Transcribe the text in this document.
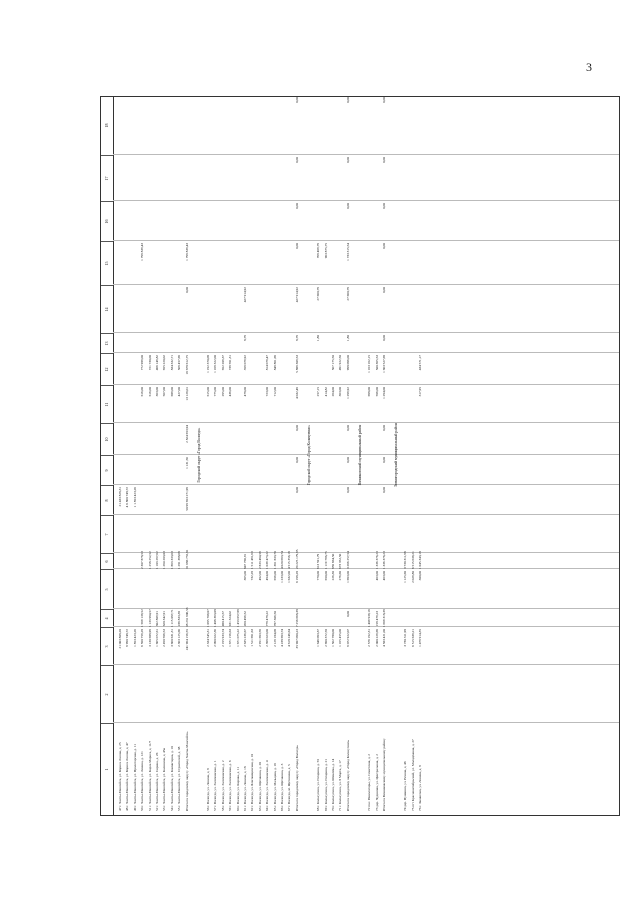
3
1
2
3
4
5
6
7
8
9
10
11
12
13
14
15
16
17
18
47 г. Ханты-Мансийск, ул. Бориса Лосева, д. 25
21 003 808,20
21 433 828,31
48 г. Ханты-Мансийск, ул. Бориса Лосева, д. 47
9 990 748,72
4 6 860 748,72
49 г. Ханты-Мансийск, ул. Пролетарская, д. 11
1 853 423,26
1 1 853 423,26
50 г. Ханты-Мансийск, ул. Ленина, д. 121
6 590 759,28
1 569 139,52
2 307 878,53
616,00
772 989,00
1 799 839,43
51 г. Ханты-Мансийск, ул. Карла Маркса, д. 11/7
3 130 688,99
1 133 994,57
1 258 252,52
616,00
721 730,00
52 г. Ханты-Мансийск, ул. Сирина, д. 26
1 665 072,61
302 809,91
1 103 297,62
363,00
466 149,82
53 г. Ханты-Мансийск, ул. Калинина, д. 45а
2 450 596,53
620 342,91
1 264 203,03
567,00
655 220,02
54 г. Ханты-Мансийск, ул. Коминтерна, д. 10
3 660 631,31
1 115 087,71
1 863 333,63
689,00
834 332,71
55 г. Ханты-Мансийск, ул. Строителей, д. 38
2 363 125,66
236 833,38
1 281 398,68
427,00
569 457,69
Итого по городскому округу «Город Ханты-Мансийск»
241 964 156,55
38 231 906,53
31 686 755,81
50 99 653 271,99
1 131,56
2 824 653,94
13 126,01
16 678 612,75
0,00
1 799 839,43
Городской округ «Город Вологда»
56 г. Вологда, ул. Ленина, д. 9
2 334 545,31
1 095 709,07
615,00
1 192 370,08
57 г. Вологда, ул. Зосимовская, д. 1
2 090 022,36
1 408 363,08
775,00
1 169 322,00
58 г. Вологда, ул. Зосимовская, д. 2
2 195 933,74
480 415,57
295,00
652 209,37
59 г. Вологда, ул. Зосимовская, д. 6
1 671 156,63
931 324,02
436,00
739 591,31
60 г. Вологда, ул. Кирова, д. 11
1 671 075,22
1 453 057,89
61 г. Вологда, ул. Ленина, д. 18
2 635 236,67
260 496,52
365,00
847 766,91
478,00
359 079,92
8,79
427 914,92
62 г. Вологда, ул. Благовещенская, д. 10
1 511 691,63
732,28
1 511 491,63
63 г. Вологда, ул. Щетинина, д. 20
2 951 693,59
492,00
2 833 494,59
64 г. Вологда, ул. Зосимовская, д. 4
2 399 023,00
779 478,22
494,00
1 039 473,22
723,00
814 079,47
65 г. Вологда, ул. Мальцева, д. 16
2 129 184,08
787 306,50
656,00
1 361 833,70
712,00
849 861,69
66 г. Вологда, ул. Щетинина, д. 3
4 238 693,74
1 233,00
4 020 693,74
67 г. Вологда, ul. Щетинина, д. 5
4 618 246,64
1 632,00
4 515 356,18
Итого по городскому округу «Город Вологда»
35 907 090,23
7 256 668,38
6 198,28
20 225 179,95
0,00
0,00
0,00
4 032,49
5 889 309,53
8,79
427 914,92
0,00
0,00
0,00
0,00
Городской округ «Город Кольчугино»
68 г. Кольчугино, ул. Гагарина, д. 55
1 646 093,37
770,00
613 591,79
257,15
1,80
27 660,79
769 469,79
69 г. Кольчугино, ул. Гагарина, д. 21
2 690 372,58
650,00
1 119 796,75
414,82
963 875,75
70 г. Кольчугино, ул. Шмелёва, д. 14
1 562 780,00
226,30
859 664,50
264,00
567 175,50
71 г. Кольчугино, ул. 8 Марта, д. 17
1 165 455,00
276,60
673 352,50
363,00
491 922,50
Итого по городскому округу «Город Кольчугино»
9 072 922,07
0,00
1 693,00
3 266 257,54
0,00
0,00
0,00
1 299,92
998 096,00
1,80
27 660,79
1 733 315,54
0,00
0,00
0,00
Вязниковский муниципальный район
72 пос. Никологоры, ул. Советская, д. 2
2 576 192,31
1 409 939,16
698,00
1 163 162,15
73 дер. Чудиново, ул. Центральная, д. 2
2 000 229,69
159 479,23
463,00
1 336 376,23
596,00
500 365,53
Итого по Вязниковскому муниципальному району
4 583 421,00
1 669 318,39
463,00
1 336 376,23
0,00
0,00
0,00
1 294,00
1 663 527,68
0,00
0,00
0,00
0,00
0,00
0,00
Звенигородский муниципальный район
74 дер. Пушкино, ул. Речная, д. 46
3 730 311,98
1 125,60
3 730 311,98
75 пгт Краснооктябрьский, ул. Молодёжная, д. 27
6 515 639,21
2 029,80
6 515 639,21
76 г. Звенигово, ул. Ленина, д. 9
1 479 914,35
300,00
1 045 343,18
317,95
434 571,17
